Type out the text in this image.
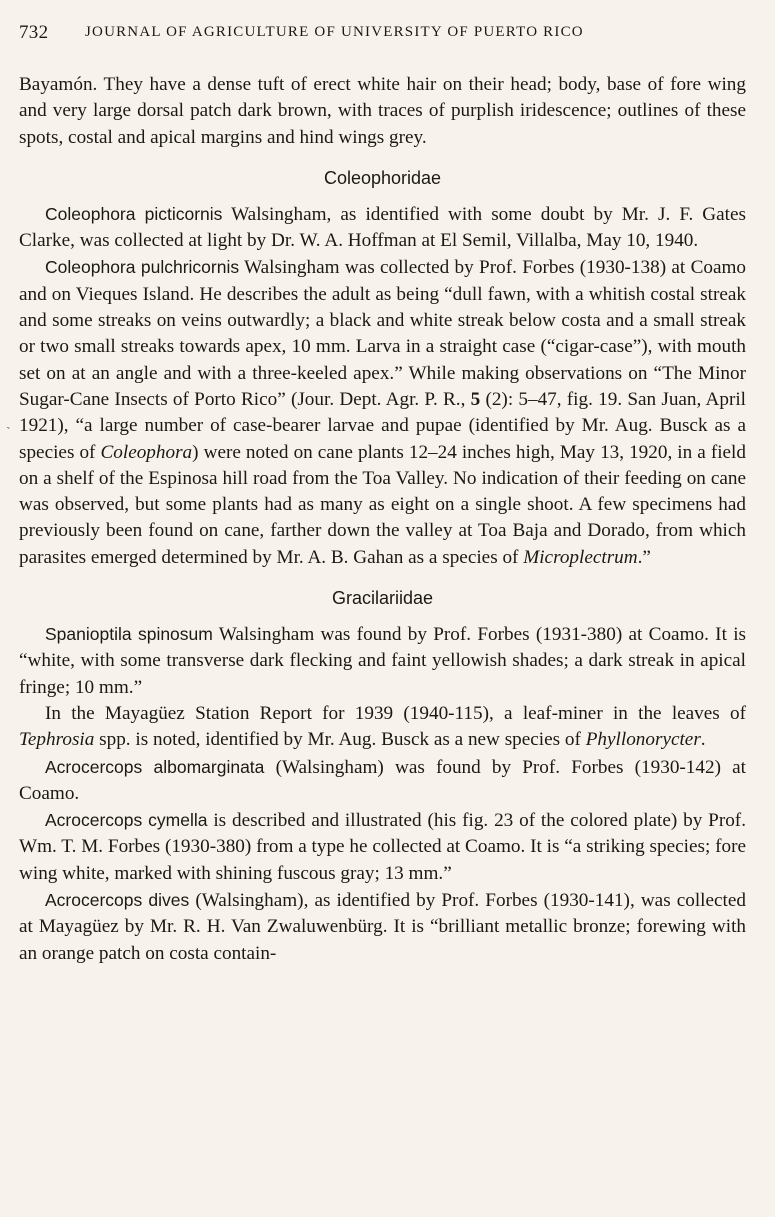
732 JOURNAL OF AGRICULTURE OF UNIVERSITY OF PUERTO RICO
ˏ

Bayamón. They have a dense tuft of erect white hair on their head; body, base of fore wing and very large dorsal patch dark brown, with traces of purplish iridescence; outlines of these spots, costal and apical margins and hind wings grey.

Coleophoridae

Coleophora picticornis Walsingham, as identified with some doubt by Mr. J. F. Gates Clarke, was collected at light by Dr. W. A. Hoffman at El Semil, Villalba, May 10, 1940.

Coleophora pulchricornis Walsingham was collected by Prof. Forbes (1930-138) at Coamo and on Vieques Island. He describes the adult as being “dull fawn, with a whitish costal streak and some streaks on veins outwardly; a black and white streak below costa and a small streak or two small streaks towards apex, 10 mm. Larva in a straight case (“cigar-case”), with mouth set on at an angle and with a three-keeled apex.” While making observations on “The Minor Sugar-Cane Insects of Porto Rico” (Jour. Dept. Agr. P. R., 5 (2): 5–47, fig. 19. San Juan, April 1921), “a large number of case-bearer larvae and pupae (identified by Mr. Aug. Busck as a species of Coleophora) were noted on cane plants 12–24 inches high, May 13, 1920, in a field on a shelf of the Espinosa hill road from the Toa Valley. No indication of their feeding on cane was observed, but some plants had as many as eight on a single shoot. A few specimens had previously been found on cane, farther down the valley at Toa Baja and Dorado, from which parasites emerged determined by Mr. A. B. Gahan as a species of Microplectrum.”

Gracilariidae

Spanioptila spinosum Walsingham was found by Prof. Forbes (1931-380) at Coamo. It is “white, with some transverse dark flecking and faint yellowish shades; a dark streak in apical fringe; 10 mm.”

In the Mayagüez Station Report for 1939 (1940-115), a leaf-miner in the leaves of Tephrosia spp. is noted, identified by Mr. Aug. Busck as a new species of Phyllonorycter.

Acrocercops albomarginata (Walsingham) was found by Prof. Forbes (1930-142) at Coamo.

Acrocercops cymella is described and illustrated (his fig. 23 of the colored plate) by Prof. Wm. T. M. Forbes (1930-380) from a type he collected at Coamo. It is “a striking species; fore wing white, marked with shining fuscous gray; 13 mm.”

Acrocercops dives (Walsingham), as identified by Prof. Forbes (1930-141), was collected at Mayagüez by Mr. R. H. Van Zwaluwenbürg. It is “brilliant metallic bronze; forewing with an orange patch on costa contain-
